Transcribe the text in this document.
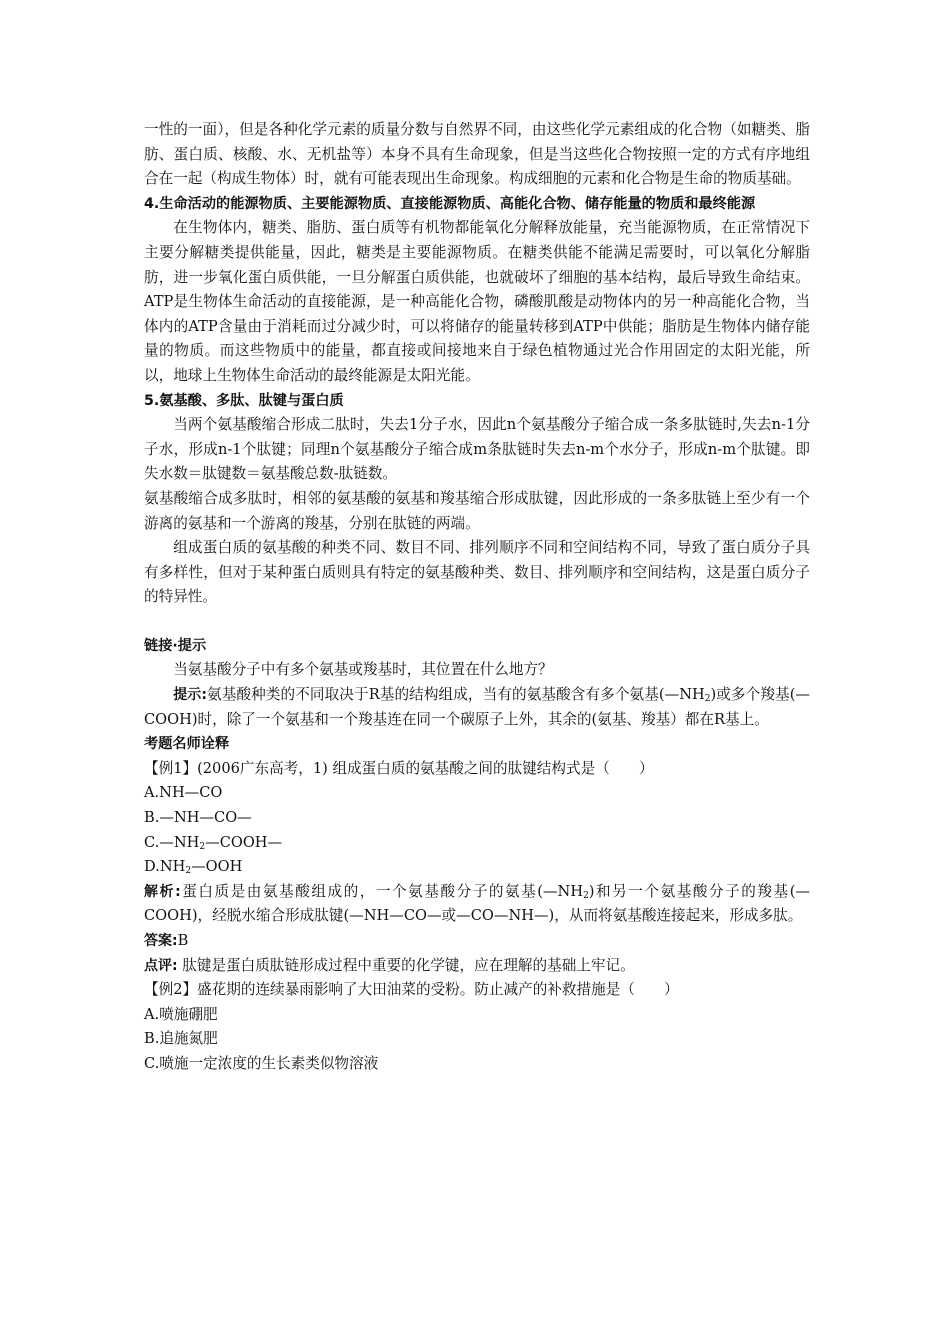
一性的一面），但是各种化学元素的质量分数与自然界不同，由这些化学元素组成的化合物（如糖类、脂肪、蛋白质、核酸、水、无机盐等）本身不具有生命现象，但是当这些化合物按照一定的方式有序地组合在一起（构成生物体）时，就有可能表现出生命现象。构成细胞的元素和化合物是生命的物质基础。

4.生命活动的能源物质、主要能源物质、直接能源物质、高能化合物、储存能量的物质和最终能源

在生物体内，糖类、脂肪、蛋白质等有机物都能氧化分解释放能量，充当能源物质，在正常情况下主要分解糖类提供能量，因此，糖类是主要能源物质。在糖类供能不能满足需要时，可以氧化分解脂肪，进一步氧化蛋白质供能，一旦分解蛋白质供能，也就破坏了细胞的基本结构，最后导致生命结束。ATP是生物体生命活动的直接能源，是一种高能化合物，磷酸肌酸是动物体内的另一种高能化合物，当体内的ATP含量由于消耗而过分减少时，可以将储存的能量转移到ATP中供能；脂肪是生物体内储存能量的物质。而这些物质中的能量，都直接或间接地来自于绿色植物通过光合作用固定的太阳光能，所以，地球上生物体生命活动的最终能源是太阳光能。

5.氨基酸、多肽、肽键与蛋白质

当两个氨基酸缩合形成二肽时，失去1分子水，因此n个氨基酸分子缩合成一条多肽链时,失去n-1分子水，形成n-1个肽键；同理n个氨基酸分子缩合成m条肽链时失去n-m个水分子，形成n-m个肽键。即失水数＝肽键数＝氨基酸总数-肽链数。

氨基酸缩合成多肽时，相邻的氨基酸的氨基和羧基缩合形成肽键，因此形成的一条多肽链上至少有一个游离的氨基和一个游离的羧基，分别在肽链的两端。

组成蛋白质的氨基酸的种类不同、数目不同、排列顺序不同和空间结构不同，导致了蛋白质分子具有多样性，但对于某种蛋白质则具有特定的氨基酸种类、数目、排列顺序和空间结构，这是蛋白质分子的特异性。

链接·提示

当氨基酸分子中有多个氨基或羧基时，其位置在什么地方？

提示:氨基酸种类的不同取决于R基的结构组成，当有的氨基酸含有多个氨基$(—NH_2)$或多个羧基(—COOH)时，除了一个氨基和一个羧基连在同一个碳原子上外，其余的(氨基、羧基）都在R基上。

考题名师诠释

【例1】(2006广东高考，1) 组成蛋白质的氨基酸之间的肽键结构式是（　　）

A.NH—CO

B.—NH—CO—

$C.—NH_2—COOH—$

$D.NH_2—OOH$

解析:蛋白质是由氨基酸组成的，一个氨基酸分子的氨基$(—NH_2)$和另一个氨基酸分子的羧基(—COOH)，经脱水缩合形成肽键(—NH—CO—或—CO—NH—)，从而将氨基酸连接起来，形成多肽。

答案:B

点评: 肽键是蛋白质肽链形成过程中重要的化学键，应在理解的基础上牢记。

【例2】盛花期的连续暴雨影响了大田油菜的受粉。防止减产的补救措施是（　　）

A.喷施硼肥

B.追施氮肥

C.喷施一定浓度的生长素类似物溶液
